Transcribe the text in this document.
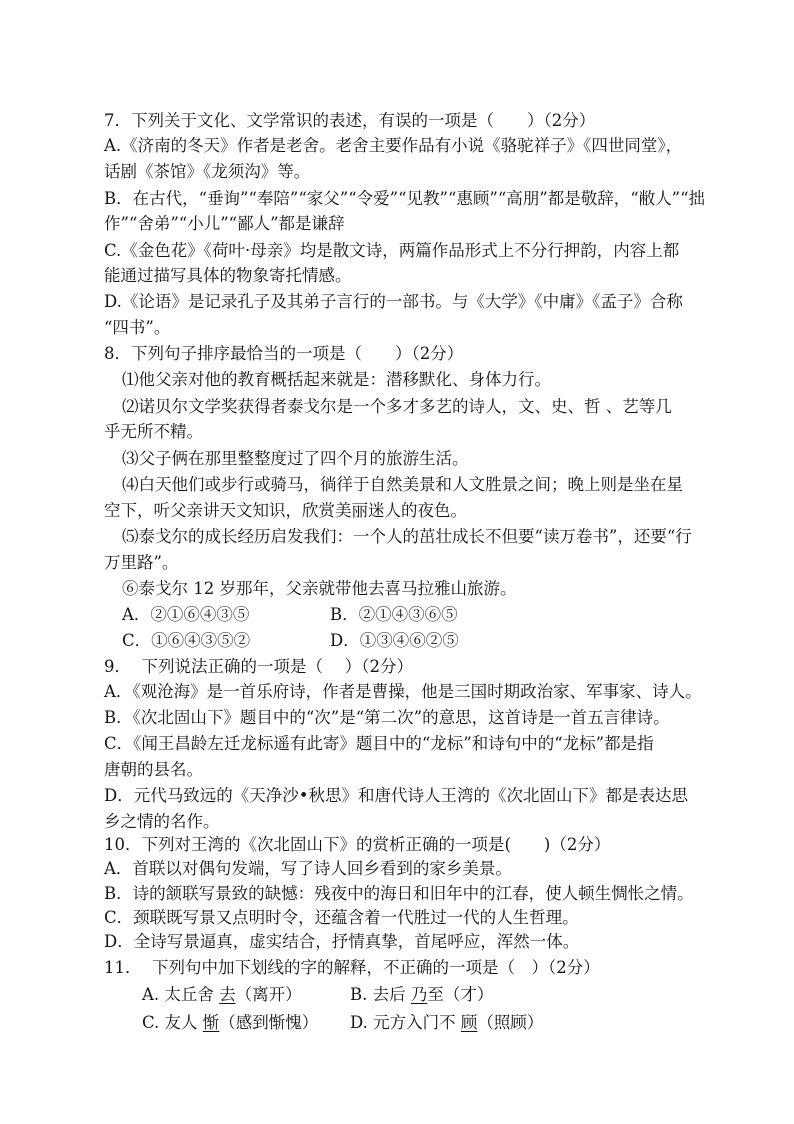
7．下列关于文化、文学常识的表述，有误的一项是（　　）（2分）
A.《济南的冬天》作者是老舍。老舍主要作品有小说《骆驼祥子》《四世同堂》，
话剧《茶馆》《龙须沟》等。
B．在古代，“垂询”“奉陪”“家父”“令爱”“见教”“惠顾”“高朋”都是敬辞，“敝人”“拙
作”“舍弟”“小儿”“鄙人”都是谦辞
C.《金色花》《荷叶·母亲》均是散文诗，两篇作品形式上不分行押韵，内容上都
能通过描写具体的物象寄托情感。
D.《论语》是记录孔子及其弟子言行的一部书。与《大学》《中庸》《孟子》合称
“四书”。
8．下列句子排序最恰当的一项是（　　）（2分）
⑴他父亲对他的教育概括起来就是：潜移默化、身体力行。
⑵诺贝尔文学奖获得者泰戈尔是一个多才多艺的诗人，文、史、哲 、艺等几
乎无所不精。
⑶父子俩在那里整整度过了四个月的旅游生活。
⑷白天他们或步行或骑马，徜徉于自然美景和人文胜景之间；晚上则是坐在星
空下，听父亲讲天文知识，欣赏美丽迷人的夜色。
⑸泰戈尔的成长经历启发我们：一个人的茁壮成长不但要“读万卷书”，还要“行
万里路”。
⑥泰戈尔 12 岁那年，父亲就带他去喜马拉雅山旅游。
A．②①⑥④③⑤	B．②①④③⑥⑤
C．①⑥④③⑤②	D．①③④⑥②⑤
9．  下列说法正确的一项是（　 ）（2分）
A．《观沧海》是一首乐府诗，作者是曹操，他是三国时期政治家、军事家、诗人。
B．《次北固山下》题目中的“次”是“第二次”的意思，这首诗是一首五言律诗。
C．《闻王昌龄左迁龙标遥有此寄》题目中的“龙标”和诗句中的“龙标”都是指
唐朝的县名。
D．元代马致远的《天净沙•秋思》和唐代诗人王湾的《次北固山下》都是表达思
乡之情的名作。
10．下列对王湾的《次北固山下》的赏析正确的一项是(　　)（2分）
A．首联以对偶句发端，写了诗人回乡看到的家乡美景。
B．诗的颔联写景致的缺憾：残夜中的海日和旧年中的江春，使人顿生惆怅之情。
C．颈联既写景又点明时令，还蕴含着一代胜过一代的人生哲理。
D．全诗写景逼真，虚实结合，抒情真挚，首尾呼应，浑然一体。
11．  下列句中加下划线的字的解释，不正确的一项是（　）（2分）
A. 太丘舍 去（离开）	B. 去后 乃至（才）
C. 友人 惭（感到惭愧） D. 元方入门不 顾（照顾）
